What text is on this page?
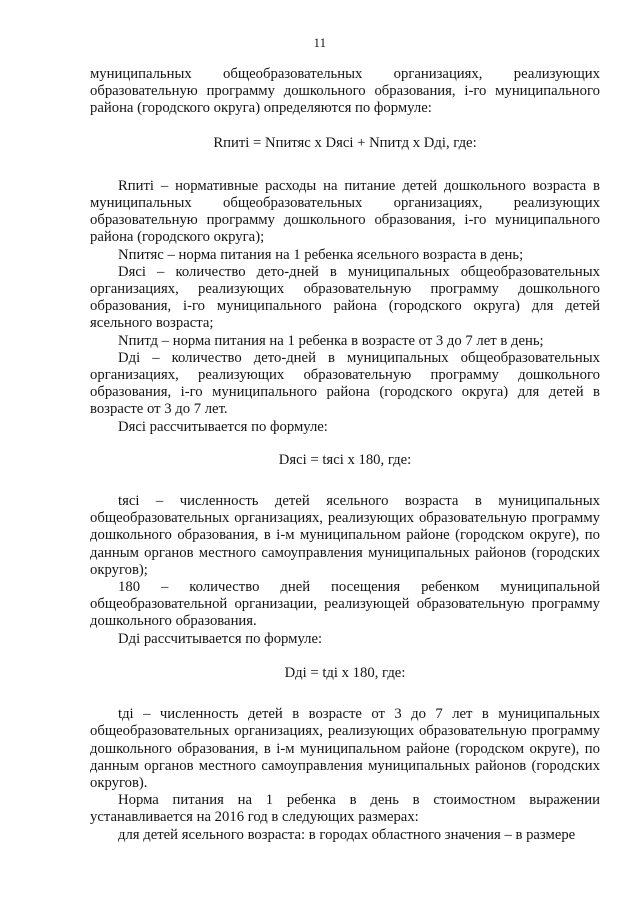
11

муниципальных общеобразовательных организациях, реализующих образовательную программу дошкольного образования, i-го муниципального района (городского округа) определяются по формуле:

Rпитi = Nпитяс х Dясi + Nпитд х Dдi, где:

Rпитi – нормативные расходы на питание детей дошкольного возраста в муниципальных общеобразовательных организациях, реализующих образовательную программу дошкольного образования, i-го муниципального района (городского округа);

Nпитяс – норма питания на 1 ребенка ясельного возраста в день;

Dясi – количество дето-дней в муниципальных общеобразовательных организациях, реализующих образовательную программу дошкольного образования, i-го муниципального района (городского округа) для детей ясельного возраста;

Nпитд – норма питания на 1 ребенка в возрасте от 3 до 7 лет в день;

Dдi – количество дето-дней в муниципальных общеобразовательных организациях, реализующих образовательную программу дошкольного образования, i-го муниципального района (городского округа) для детей в возрасте от 3 до 7 лет.

Dясi рассчитывается по формуле:

Dясi = tясi х 180, где:

tясi – численность детей ясельного возраста в муниципальных общеобразовательных организациях, реализующих образовательную программу дошкольного образования, в i-м муниципальном районе (городском округе), по данным органов местного самоуправления муниципальных районов (городских округов);

180 – количество дней посещения ребенком муниципальной общеобразовательной организации, реализующей образовательную программу дошкольного образования.

Dдi рассчитывается по формуле:

Dдi = tдi х 180, где:

tдi – численность детей в возрасте от 3 до 7 лет в муниципальных общеобразовательных организациях, реализующих образовательную программу дошкольного образования, в i-м муниципальном районе (городском округе), по данным органов местного самоуправления муниципальных районов (городских округов).

Норма питания на 1 ребенка в день в стоимостном выражении устанавливается на 2016 год в следующих размерах:

для детей ясельного возраста: в городах областного значения – в размере
